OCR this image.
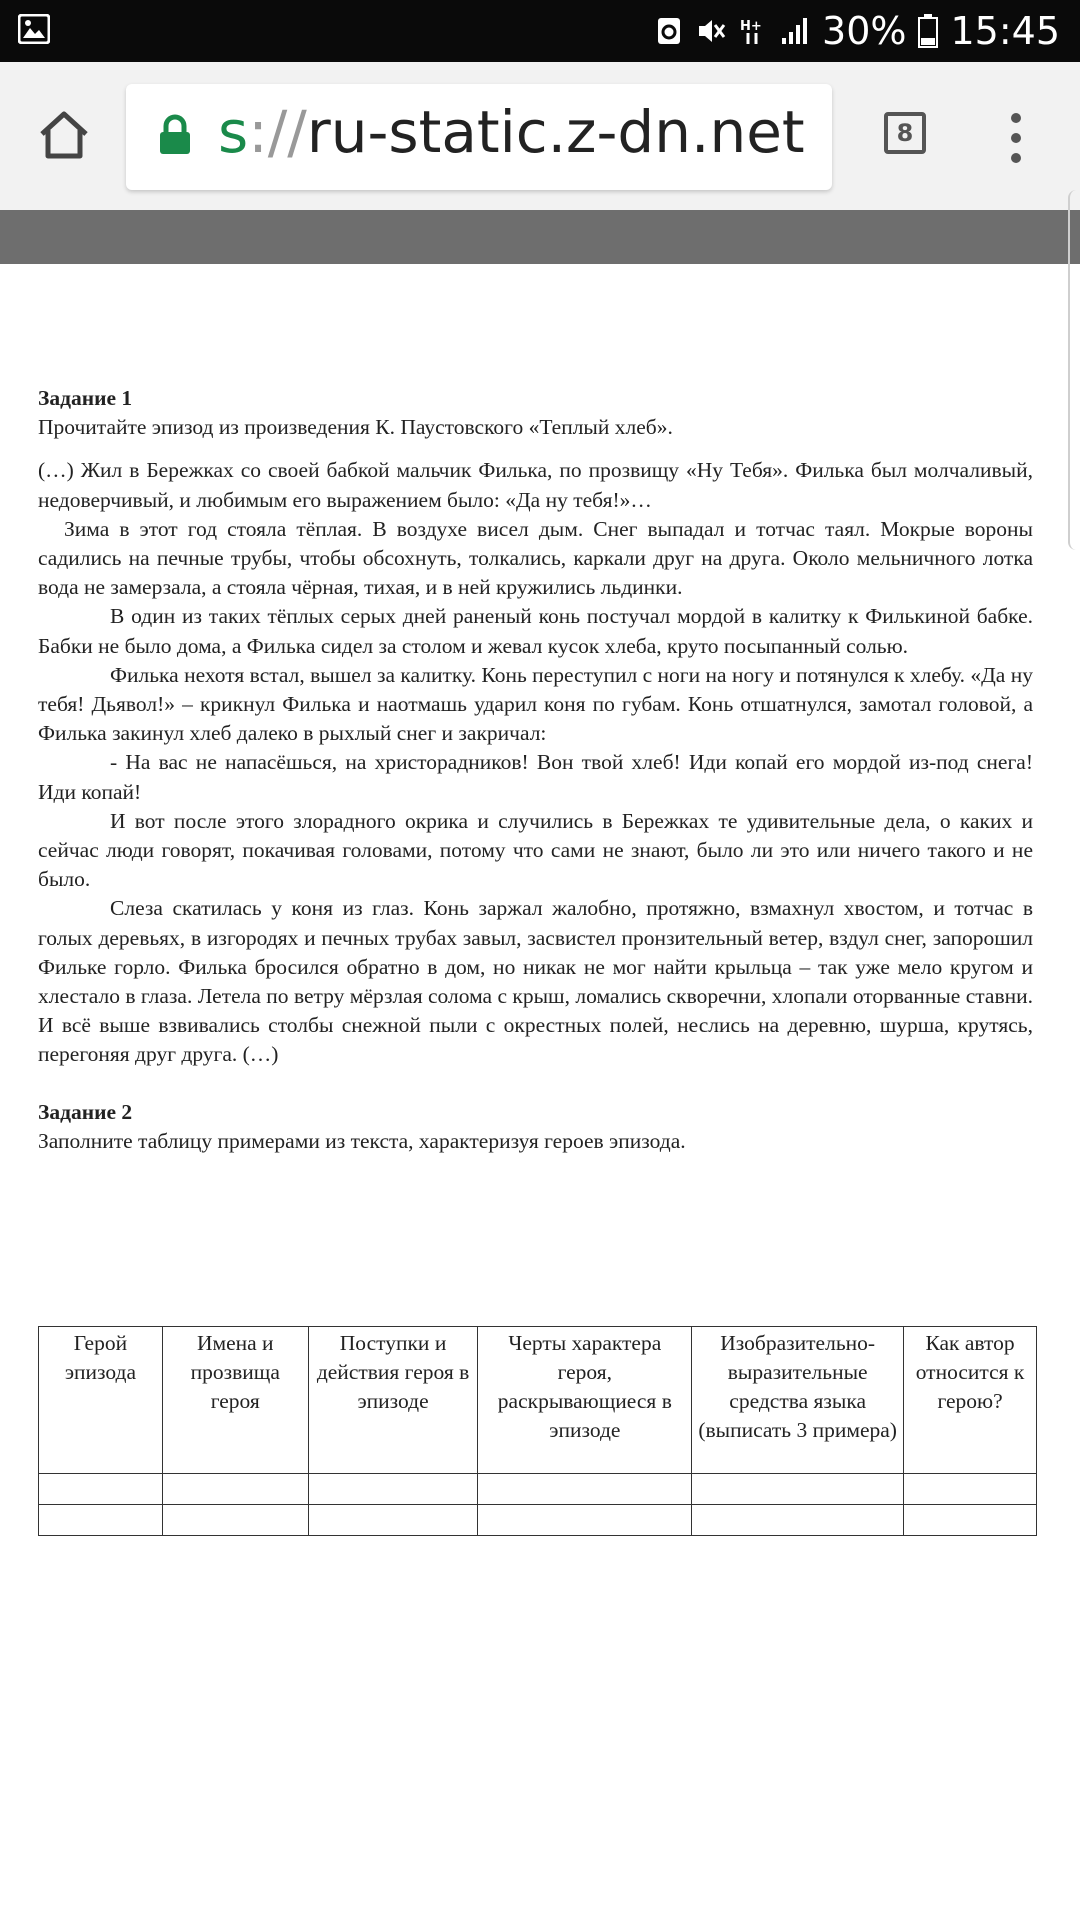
H+ 30% 15:45
s://ru-static.z-dn.net	8

Задание 1

Прочитайте эпизод из произведения К. Паустовского «Теплый хлеб».

(…) Жил в Бережках со своей бабкой мальчик Филька, по прозвищу «Ну Тебя». Филька был молчаливый, недоверчивый, и любимым его выражением было: «Да ну тебя!»…

Зима в этот год стояла тёплая. В воздухе висел дым. Снег выпадал и тотчас таял. Мокрые вороны садились на печные трубы, чтобы обсохнуть, толкались, каркали друг на друга. Около мельничного лотка вода не замерзала, а стояла чёрная, тихая, и в ней кружились льдинки.

В один из таких тёплых серых дней раненый конь постучал мордой в калитку к Филькиной бабке. Бабки не было дома, а Филька сидел за столом и жевал кусок хлеба, круто посыпанный солью.

Филька нехотя встал, вышел за калитку. Конь переступил с ноги на ногу и потянулся к хлебу. «Да ну тебя! Дьявол!» – крикнул Филька и наотмашь ударил коня по губам. Конь отшатнулся, замотал головой, а Филька закинул хлеб далеко в рыхлый снег и закричал:

- На вас не напасёшься, на христорадников! Вон твой хлеб! Иди копай его мордой из-под снега! Иди копай!

И вот после этого злорадного окрика и случились в Бережках те удивительные дела, о каких и сейчас люди говорят, покачивая головами, потому что сами не знают, было ли это или ничего такого и не было.

Слеза скатилась у коня из глаз. Конь заржал жалобно, протяжно, взмахнул хвостом, и тотчас в голых деревьях, в изгородях и печных трубах завыл, засвистел пронзительный ветер, вздул снег, запорошил Фильке горло. Филька бросился обратно в дом, но никак не мог найти крыльца – так уже мело кругом и хлестало в глаза. Летела по ветру мёрзлая солома с крыш, ломались скворечни, хлопали оторванные ставни. И всё выше взвивались столбы снежной пыли с окрестных полей, неслись на деревню, шурша, крутясь, перегоняя друг друга. (…)

Задание 2

Заполните таблицу примерами из текста, характеризуя героев эпизода.

Герой эпизода	Имена и прозвища героя	Поступки и действия героя в эпизоде	Черты характера героя, раскрывающиеся в эпизоде	Изобразительно-выразительные средства языка (выписать 3 примера)	Как автор относится к герою?
